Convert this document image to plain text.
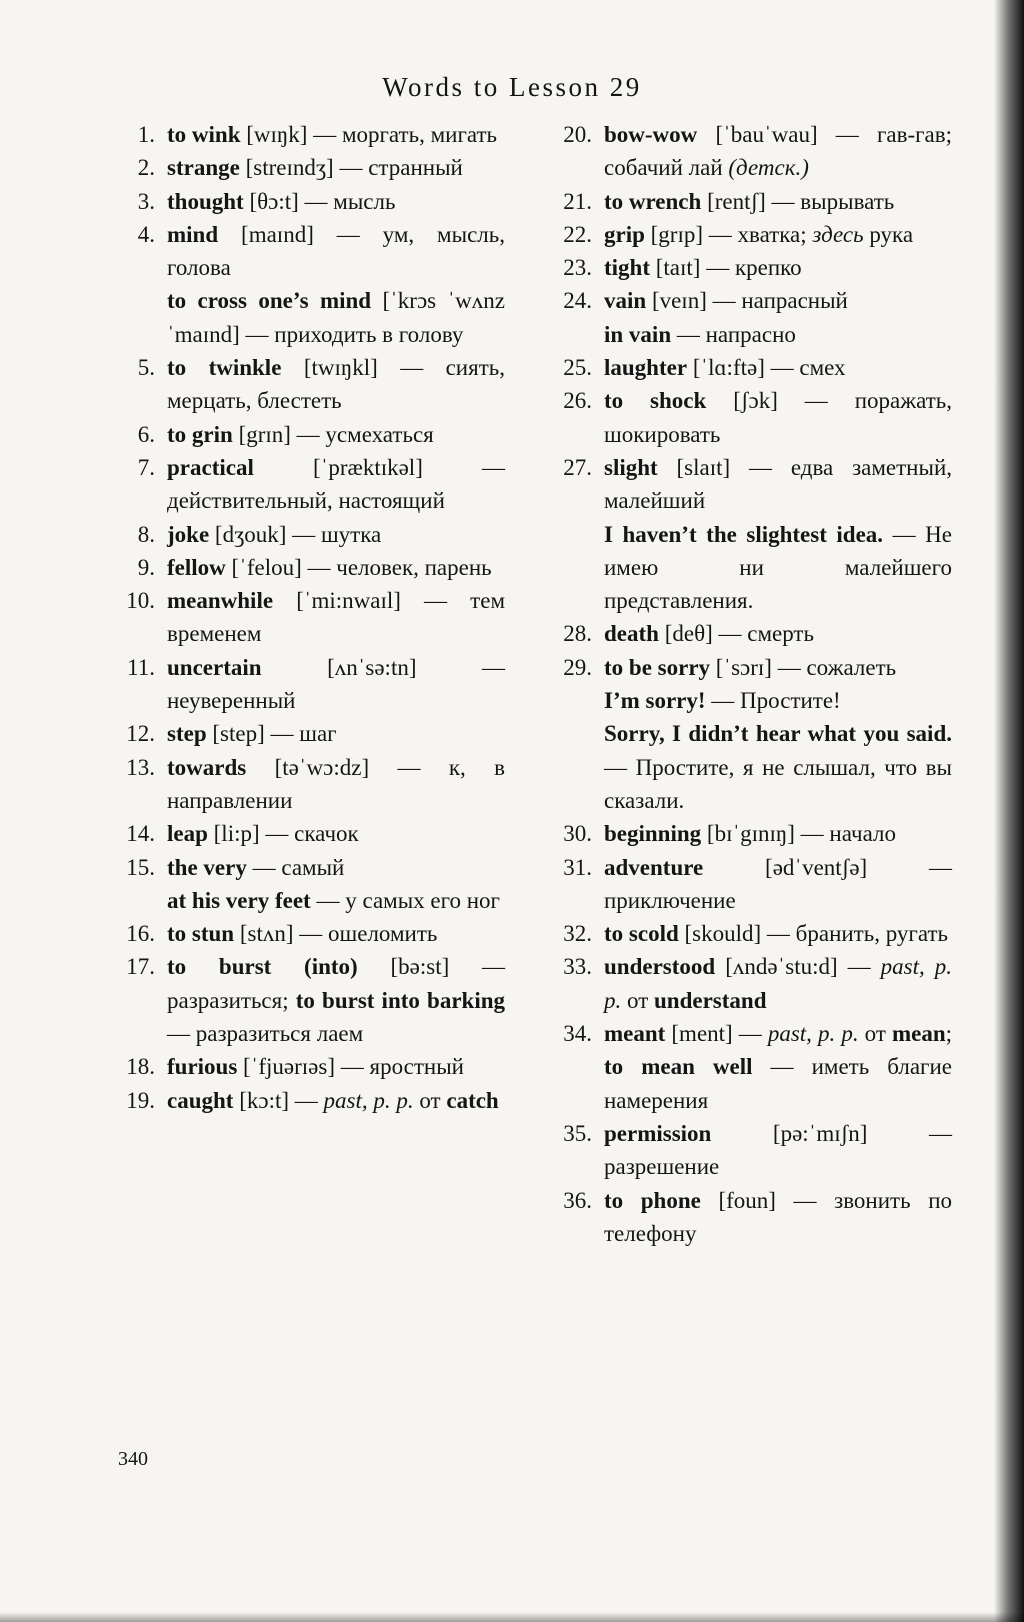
Words to Lesson 29
1. to wink [wɪŋk] — моргать, мигать
2. strange [streɪndʒ] — странный
3. thought [θɔ:t] — мысль
4. mind [maɪnd] — ум, мысль, голова
to cross one’s mind [ˈkrɔs ˈwʌnz ˈmaɪnd] — приходить в голову
5. to twinkle [twɪŋkl] — сиять, мерцать, блестеть
6. to grin [grɪn] — усмехаться
7. practical [ˈpræktɪkəl] — действительный, настоящий
8. joke [dʒouk] — шутка
9. fellow [ˈfelou] — человек, парень
10. meanwhile [ˈmi:nwaɪl] — тем временем
11. uncertain [ʌnˈsə:tn] — неуверенный
12. step [step] — шаг
13. towards [təˈwɔ:dz] — к, в направлении
14. leap [li:p] — скачок
15. the very — самый
at his very feet — у самых его ног
16. to stun [stʌn] — ошеломить
17. to burst (into) [bə:st] — разразиться; to burst into barking — разразиться лаем
18. furious [ˈfjuərɪəs] — яростный
19. caught [kɔ:t] — past, p. p. от catch
20. bow-wow [ˈbauˈwau] — гав-гав; собачий лай (детск.)
21. to wrench [rentʃ] — вырывать
22. grip [grɪp] — хватка; здесь рука
23. tight [taɪt] — крепко
24. vain [veɪn] — напрасный
in vain — напрасно
25. laughter [ˈlɑ:ftə] — смех
26. to shock [ʃɔk] — поражать, шокировать
27. slight [slaɪt] — едва заметный, малейший
I haven’t the slightest idea. — Не имею ни малейшего представления.
28. death [deθ] — смерть
29. to be sorry [ˈsɔrɪ] — сожалеть
I’m sorry! — Простите!
Sorry, I didn’t hear what you said. — Простите, я не слышал, что вы сказали.
30. beginning [bɪˈgɪnɪŋ] — начало
31. adventure [ədˈventʃə] — приключение
32. to scold [skould] — бранить, ругать
33. understood [ʌndəˈstu:d] — past, p. p. от understand
34. meant [ment] — past, p. p. от mean; to mean well — иметь благие намерения
35. permission [pə:ˈmɪʃn] — разрешение
36. to phone [foun] — звонить по телефону
340
